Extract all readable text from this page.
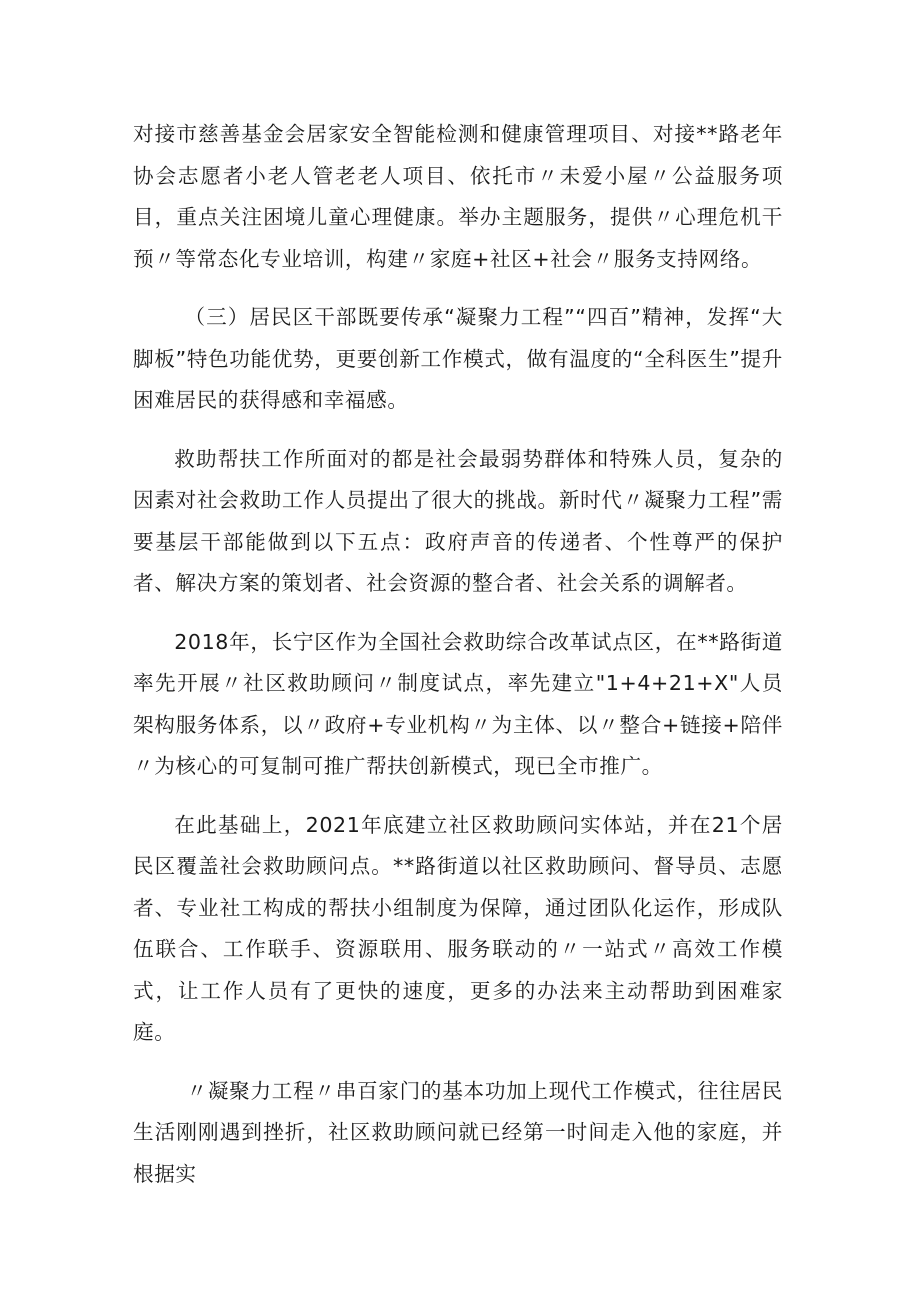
对接市慈善基金会居家安全智能检测和健康管理项目、对接**路老年协会志愿者小老人管老老人项目、依托市〃未爱小屋〃公益服务项目，重点关注困境儿童心理健康。举办主题服务，提供〃心理危机干预〃等常态化专业培训，构建〃家庭+社区+社会〃服务支持网络。

（三）居民区干部既要传承“凝聚力工程”“四百”精神，发挥“大脚板”特色功能优势，更要创新工作模式，做有温度的“全科医生”提升困难居民的获得感和幸福感。

救助帮扶工作所面对的都是社会最弱势群体和特殊人员，复杂的因素对社会救助工作人员提出了很大的挑战。新时代〃凝聚力工程”需要基层干部能做到以下五点：政府声音的传递者、个性尊严的保护者、解决方案的策划者、社会资源的整合者、社会关系的调解者。

2018年，长宁区作为全国社会救助综合改革试点区，在**路街道率先开展〃社区救助顾问〃制度试点，率先建立"1+4+21+X"人员架构服务体系，以〃政府+专业机构〃为主体、以〃整合+链接+陪伴〃为核心的可复制可推广帮扶创新模式，现已全市推广。

在此基础上，2021年底建立社区救助顾问实体站，并在21个居民区覆盖社会救助顾问点。**路街道以社区救助顾问、督导员、志愿者、专业社工构成的帮扶小组制度为保障，通过团队化运作，形成队伍联合、工作联手、资源联用、服务联动的〃一站式〃高效工作模式，让工作人员有了更快的速度，更多的办法来主动帮助到困难家庭。

〃凝聚力工程〃串百家门的基本功加上现代工作模式，往往居民生活刚刚遇到挫折，社区救助顾问就已经第一时间走入他的家庭，并根据实
